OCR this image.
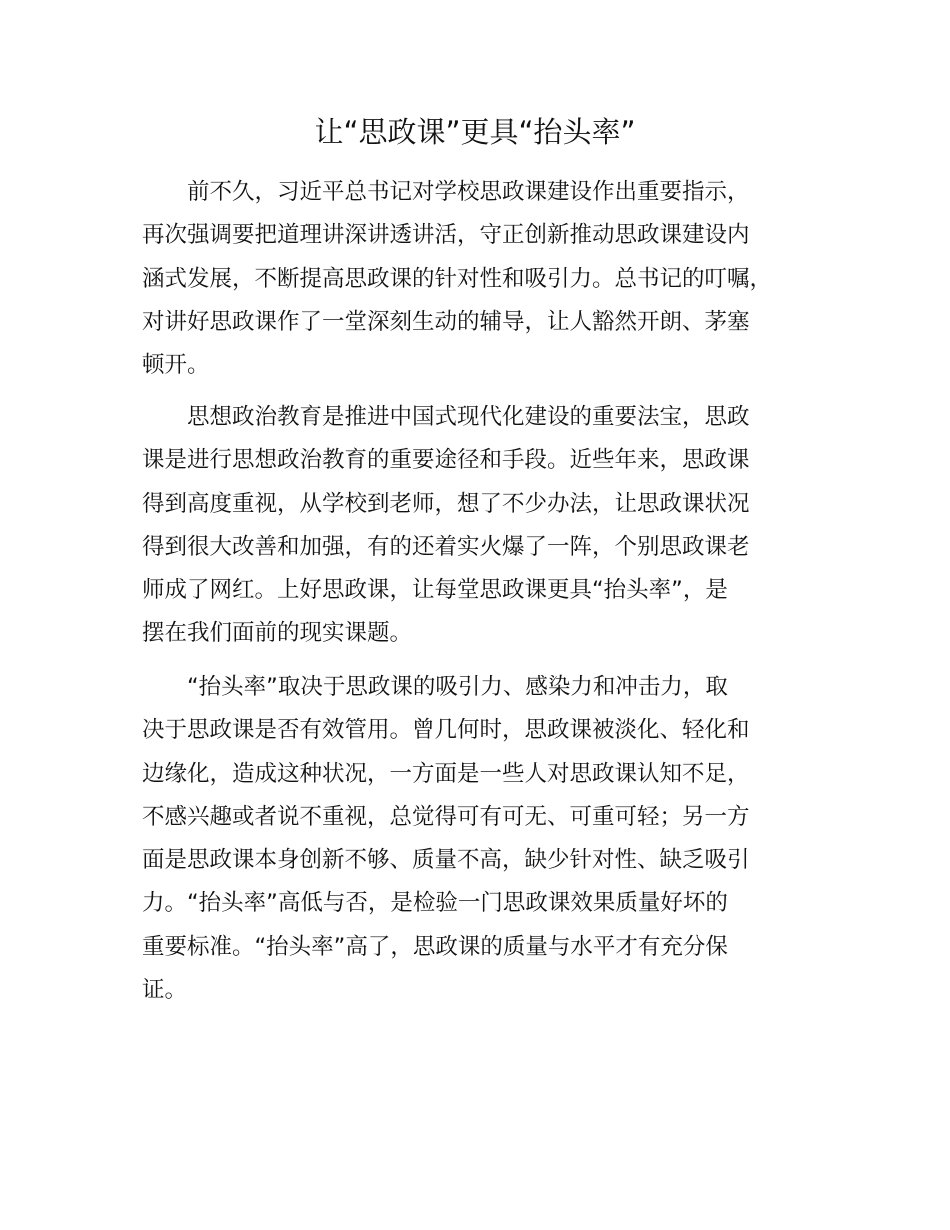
让“思政课”更具“抬头率”
前不久，习近平总书记对学校思政课建设作出重要指示，
再次强调要把道理讲深讲透讲活，守正创新推动思政课建设内
涵式发展，不断提高思政课的针对性和吸引力。总书记的叮嘱，
对讲好思政课作了一堂深刻生动的辅导，让人豁然开朗、茅塞
顿开。
思想政治教育是推进中国式现代化建设的重要法宝，思政
课是进行思想政治教育的重要途径和手段。近些年来，思政课
得到高度重视，从学校到老师，想了不少办法，让思政课状况
得到很大改善和加强，有的还着实火爆了一阵，个别思政课老
师成了网红。上好思政课，让每堂思政课更具“抬头率”，是
摆在我们面前的现实课题。
“抬头率”取决于思政课的吸引力、感染力和冲击力，取
决于思政课是否有效管用。曾几何时，思政课被淡化、轻化和
边缘化，造成这种状况，一方面是一些人对思政课认知不足，
不感兴趣或者说不重视，总觉得可有可无、可重可轻；另一方
面是思政课本身创新不够、质量不高，缺少针对性、缺乏吸引
力。“抬头率”高低与否，是检验一门思政课效果质量好坏的
重要标准。“抬头率”高了，思政课的质量与水平才有充分保
证。
